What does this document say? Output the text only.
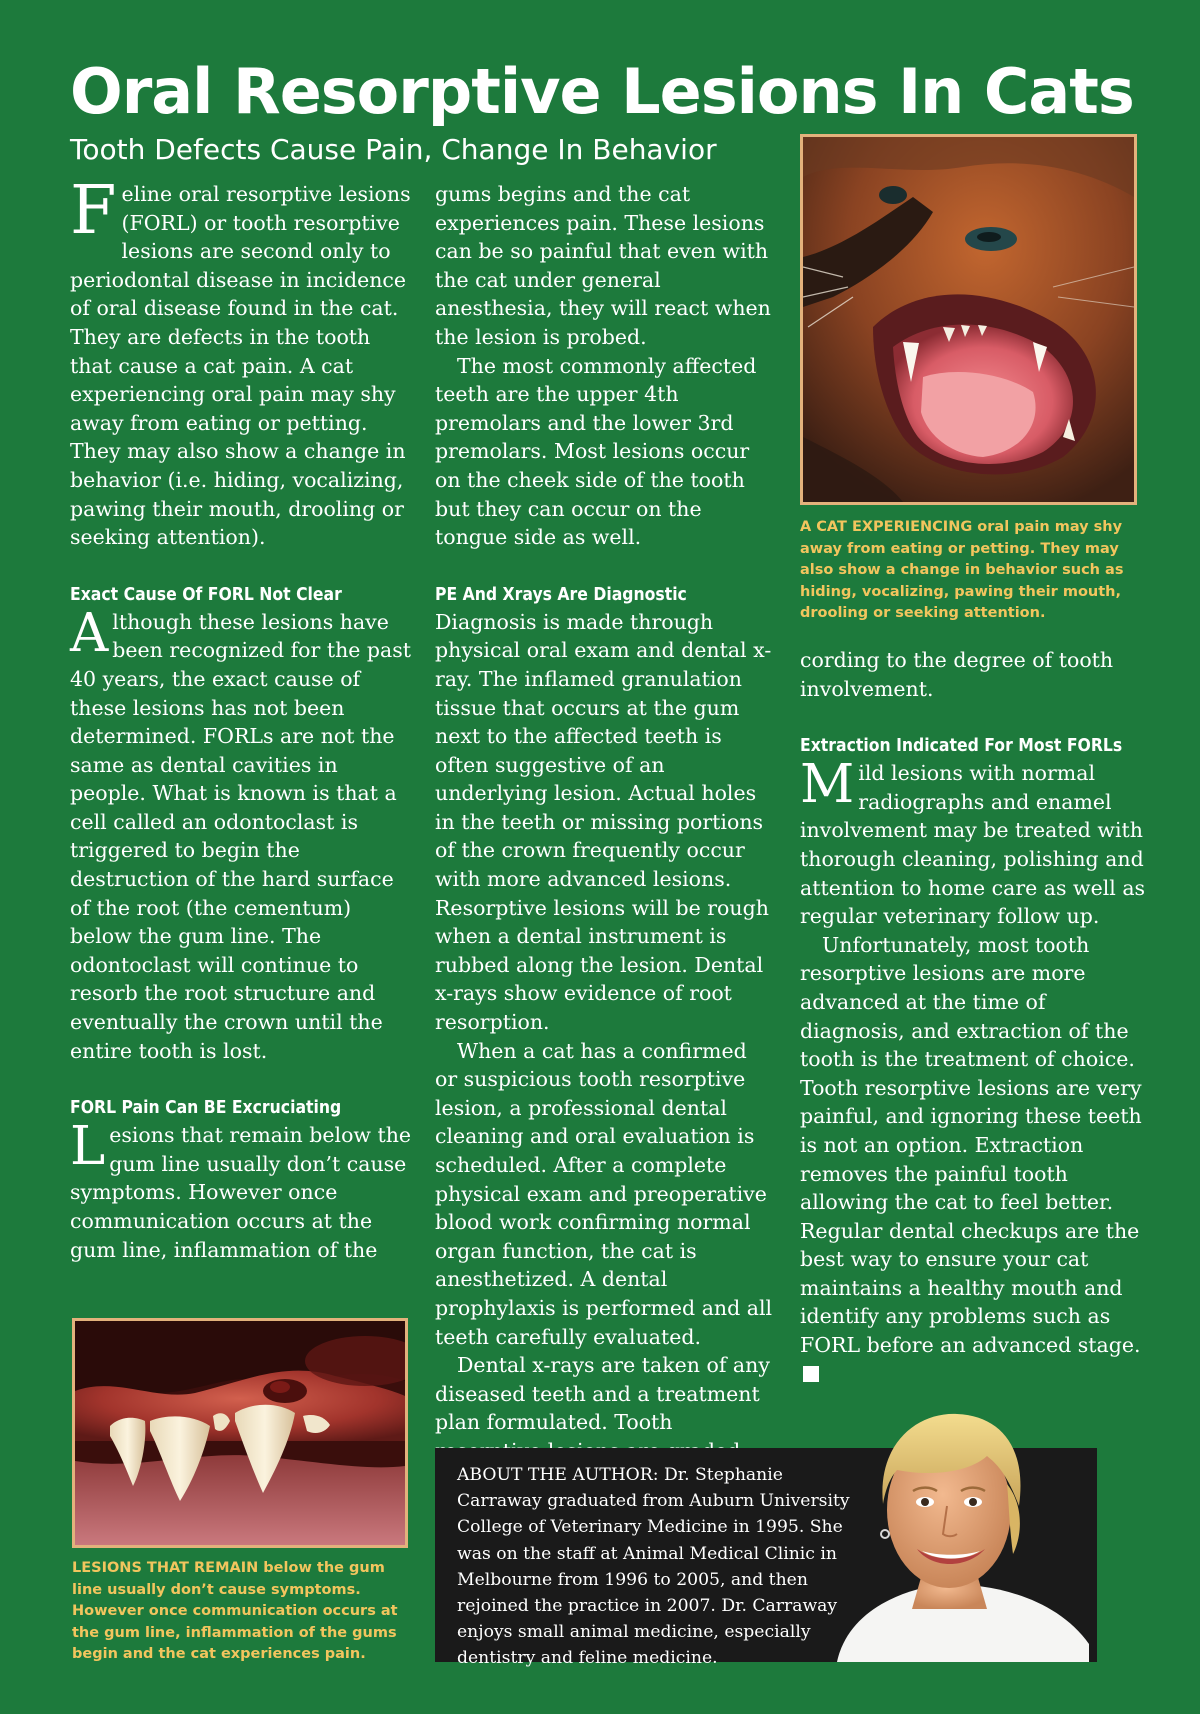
Oral Resorptive Lesions In Cats
Tooth Defects Cause Pain, Change In Behavior

Feline oral resorptive lesions (FORL) or tooth resorptive lesions are second only to periodontal disease in incidence of oral disease found in the cat. They are defects in the tooth that cause a cat pain. A cat experiencing oral pain may shy away from eating or petting. They may also show a change in behavior (i.e. hiding, vocalizing, pawing their mouth, drooling or seeking attention).

Exact Cause Of FORL Not Clear

Although these lesions have been recognized for the past 40 years, the exact cause of these lesions has not been determined. FORLs are not the same as dental cavities in people. What is known is that a cell called an odontoclast is triggered to begin the destruction of the hard surface of the root (the cementum) below the gum line. The odontoclast will continue to resorb the root structure and eventually the crown until the entire tooth is lost.

FORL Pain Can BE Excruciating

Lesions that remain below the gum line usually don’t cause symptoms. However once communication occurs at the gum line, inflammation of the

LESIONS THAT REMAIN below the gum line usually don’t cause symptoms. However once communication occurs at the gum line, inflammation of the gums begin and the cat experiences pain.

gums begins and the cat experiences pain. These lesions can be so painful that even with the cat under general anesthesia, they will react when the lesion is probed.

The most commonly affected teeth are the upper 4th premolars and the lower 3rd premolars. Most lesions occur on the cheek side of the tooth but they can occur on the tongue side as well.

PE And Xrays Are Diagnostic

Diagnosis is made through physical oral exam and dental x-ray. The inflamed granulation tissue that occurs at the gum next to the affected teeth is often suggestive of an underlying lesion. Actual holes in the teeth or missing portions of the crown frequently occur with more advanced lesions. Resorptive lesions will be rough when a dental instrument is rubbed along the lesion. Dental x-rays show evidence of root resorption.

When a cat has a confirmed or suspicious tooth resorptive lesion, a professional dental cleaning and oral evaluation is scheduled. After a complete physical exam and preoperative blood work confirming normal organ function, the cat is anesthetized. A dental prophylaxis is performed and all teeth carefully evaluated.

Dental x-rays are taken of any diseased teeth and a treatment plan formulated. Tooth

A CAT EXPERIENCING oral pain may shy away from eating or petting. They may also show a change in behavior such as hiding, vocalizing, pawing their mouth, drooling or seeking attention.

cording to the degree of tooth involvement.

Extraction Indicated For Most FORLs

Mild lesions with normal radiographs and enamel involvement may be treated with thorough cleaning, polishing and attention to home care as well as regular veterinary follow up.

Unfortunately, most tooth resorptive lesions are more advanced at the time of diagnosis, and extraction of the tooth is the treatment of choice. Tooth resorptive lesions are very painful, and ignoring these teeth is not an option. Extraction removes the painful tooth allowing the cat to feel better. Regular dental checkups are the best way to ensure your cat maintains a healthy mouth and identify any problems such as FORL before an advanced stage.

ABOUT THE AUTHOR: Dr. Stephanie Carraway graduated from Auburn University College of Veterinary Medicine in 1995. She was on the staff at Animal Medical Clinic in Melbourne from 1996 to 2005, and then rejoined the practice in 2007. Dr. Carraway enjoys small animal medicine, especially dentistry and feline medicine.
